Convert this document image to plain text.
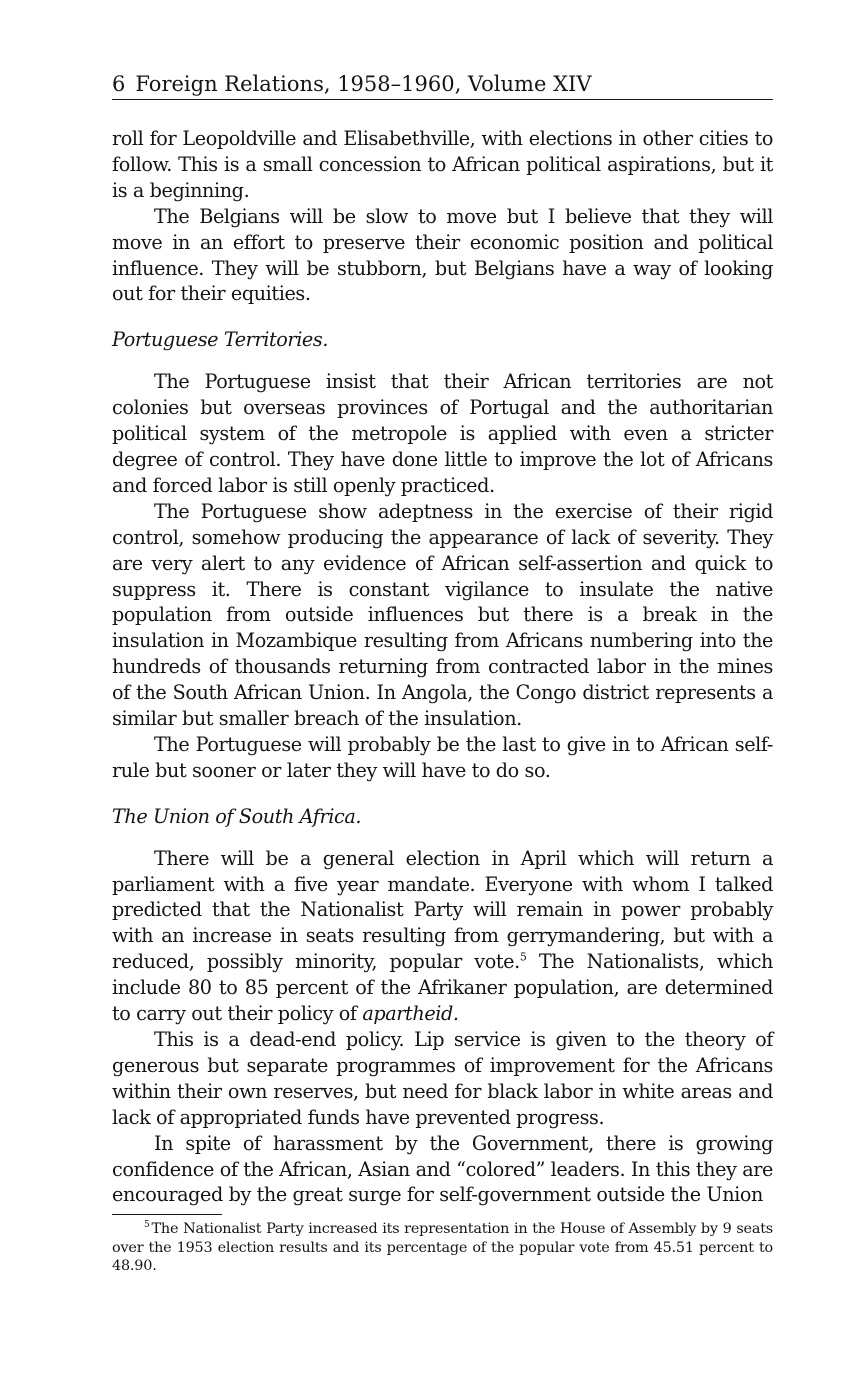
6 Foreign Relations, 1958–1960, Volume XIV

roll for Leopoldville and Elisabethville, with elections in other cities to follow. This is a small concession to African political aspirations, but it is a beginning.

The Belgians will be slow to move but I believe that they will move in an effort to preserve their economic position and political influence. They will be stubborn, but Belgians have a way of looking out for their equities.

Portuguese Territories.

The Portuguese insist that their African territories are not colonies but overseas provinces of Portugal and the authoritarian political system of the metropole is applied with even a stricter degree of control. They have done little to improve the lot of Africans and forced labor is still openly practiced.

The Portuguese show adeptness in the exercise of their rigid control, somehow producing the appearance of lack of severity. They are very alert to any evidence of African self-assertion and quick to suppress it. There is constant vigilance to insulate the native population from outside influences but there is a break in the insulation in Mozambique resulting from Africans numbering into the hundreds of thousands returning from contracted labor in the mines of the South African Union. In Angola, the Congo district represents a similar but smaller breach of the insulation.

The Portuguese will probably be the last to give in to African self-rule but sooner or later they will have to do so.

The Union of South Africa.

There will be a general election in April which will return a parliament with a five year mandate. Everyone with whom I talked predicted that the Nationalist Party will remain in power probably with an increase in seats resulting from gerrymandering, but with a reduced, possibly minority, popular vote.$^5$ The Nationalists, which include 80 to 85 percent of the Afrikaner population, are determined to carry out their policy of apartheid.

This is a dead-end policy. Lip service is given to the theory of generous but separate programmes of improvement for the Africans within their own reserves, but need for black labor in white areas and lack of appropriated funds have prevented progress.

In spite of harassment by the Government, there is growing confidence of the African, Asian and “colored” leaders. In this they are encouraged by the great surge for self-government outside the Union

$^5$ The Nationalist Party increased its representation in the House of Assembly by 9 seats over the 1953 election results and its percentage of the popular vote from 45.51 percent to 48.90.
